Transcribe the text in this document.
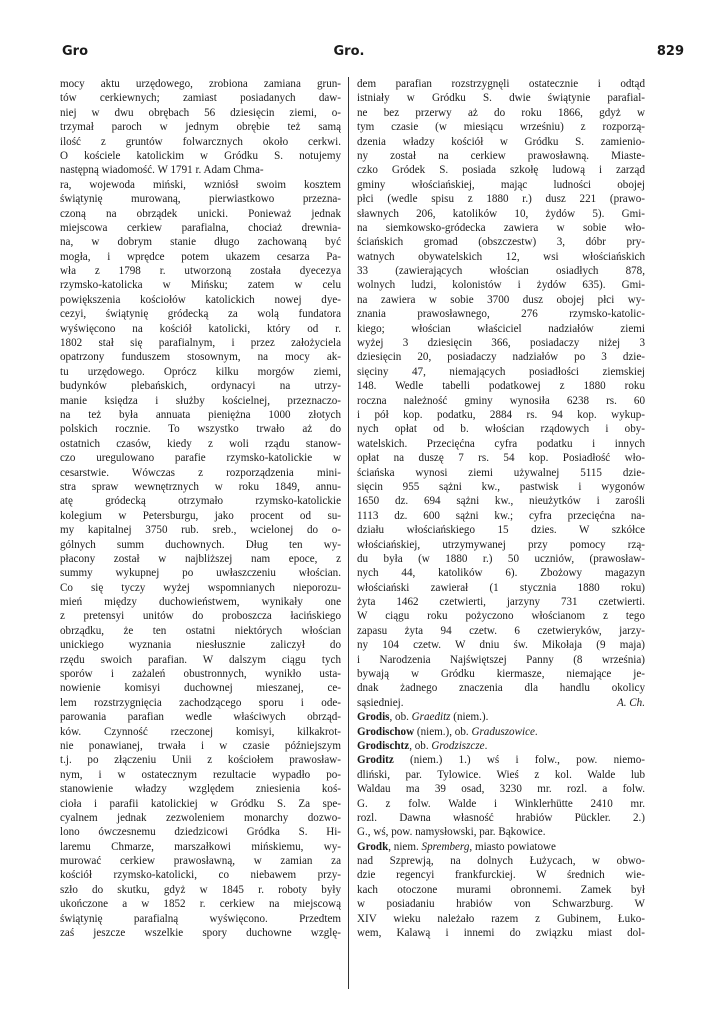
Gro	Gro.	829
mocy aktu urzędowego, zrobiona zamiana grun-
tów cerkiewnych; zamiast posiadanych daw-
niej w dwu obrębach 56 dziesięcin ziemi, o-
trzymał paroch w jednym obrębie też samą
ilość z gruntów folwarcznych około cerkwi.
O kościele katolickim w Gródku S. notujemy
następną wiadomość. W 1791 r. Adam Chma-
ra, wojewoda miński, wzniósł swoim kosztem
świątynię murowaną, pierwiastkowo przezna-
czoną na obrządek unicki. Ponieważ jednak
miejscowa cerkiew parafialna, chociaż drewnia-
na, w dobrym stanie długo zachowaną być
mogła, i wprędce potem ukazem cesarza Pa-
wła z 1798 r. utworzoną została dyecezya
rzymsko-katolicka w Mińsku; zatem w celu
powiększenia kościołów katolickich nowej dye-
cezyi, świątynię gródecką za wolą fundatora
wyświęcono na kościół katolicki, który od r.
1802 stał się parafialnym, i przez założyciela
opatrzony funduszem stosownym, na mocy ak-
tu urzędowego. Oprócz kilku morgów ziemi,
budynków plebańskich, ordynacyi na utrzy-
manie księdza i służby kościelnej, przeznaczo-
na też była annuata pieniężna 1000 złotych
polskich rocznie. To wszystko trwało aż do
ostatnich czasów, kiedy z woli rządu stanow-
czo uregulowano parafie rzymsko-katolickie w
cesarstwie. Wówczas z rozporządzenia mini-
stra spraw wewnętrznych w roku 1849, annu-
atę gródecką otrzymało rzymsko-katolickie
kolegium w Petersburgu, jako procent od su-
my kapitalnej 3750 rub. sreb., wcielonej do o-
gólnych summ duchownych. Dług ten wy-
płacony został w najbliższej nam epoce, z
summy wykupnej po uwłaszczeniu włościan.
Co się tyczy wyżej wspomnianych nieporozu-
mień między duchowieństwem, wynikały one
z pretensyi unitów do proboszcza łacińskiego
obrządku, że ten ostatni niektórych włościan
unickiego wyznania niesłusznie zaliczył do
rzędu swoich parafian. W dalszym ciągu tych
sporów i zażaleń obustronnych, wynikło usta-
nowienie komisyi duchownej mieszanej, ce-
lem rozstrzygnięcia zachodzącego sporu i ode-
parowania parafian wedle właściwych obrząd-
ków. Czynność rzeczonej komisyi, kilkakrot-
nie ponawianej, trwała i w czasie późniejszym
t.j. po złączeniu Unii z kościołem prawosław-
nym, i w ostatecznym rezultacie wypadło po-
stanowienie władzy względem zniesienia koś-
cioła i parafii katolickiej w Gródku S. Za spe-
cyalnem jednak zezwoleniem monarchy dozwo-
lono ówczesnemu dziedzicowi Gródka S. Hi-
laremu Chmarze, marszałkowi mińskiemu, wy-
murować cerkiew prawosławną, w zamian za
kościół rzymsko-katolicki, co niebawem przy-
szło do skutku, gdyż w 1845 r. roboty były
ukończone a w 1852 r. cerkiew na miejscową
świątynię parafialną wyświęcono. Przedtem
zaś jeszcze wszelkie spory duchowne wzglę-
dem parafian rozstrzygnęli ostatecznie i odtąd
istniały w Gródku S. dwie świątynie parafial-
ne bez przerwy aż do roku 1866, gdyż w
tym czasie (w miesiącu wrześniu) z rozporzą-
dzenia władzy kościół w Gródku S. zamienio-
ny został na cerkiew prawosławną. Miaste-
czko Gródek S. posiada szkołę ludową i zarząd
gminy włościańskiej, mając ludności obojej
płci (wedle spisu z 1880 r.) dusz 221 (prawo-
sławnych 206, katolików 10, żydów 5). Gmi-
na siemkowsko-gródecka zawiera w sobie wło-
ściańskich gromad (obszczestw) 3, dóbr pry-
watnych obywatelskich 12, wsi włościańskich
33 (zawierających włościan osiadłych 878,
wolnych ludzi, kolonistów i żydów 635). Gmi-
na zawiera w sobie 3700 dusz obojej płci wy-
znania prawosławnego, 276 rzymsko-katolic-
kiego; włościan właściciel nadziałów ziemi
wyżej 3 dziesięcin 366, posiadaczy niżej 3
dziesięcin 20, posiadaczy nadziałów po 3 dzie-
sięciny 47, niemających posiadłości ziemskiej
148. Wedle tabelli podatkowej z 1880 roku
roczna należność gminy wynosiła 6238 rs. 60
i pół kop. podatku, 2884 rs. 94 kop. wykup-
nych opłat od b. włościan rządowych i oby-
watelskich. Przecięćna cyfra podatku i innych
opłat na duszę 7 rs. 54 kop. Posiadłość wło-
ściańska wynosi ziemi używalnej 5115 dzie-
sięcin 955 sążni kw., pastwisk i wygonów
1650 dz. 694 sążni kw., nieużytków i zarośli
1113 dz. 600 sążni kw.; cyfra przecięćna na-
działu włościańskiego 15 dzies. W szkółce
włościańskiej, utrzymywanej przy pomocy rzą-
du była (w 1880 r.) 50 uczniów, (prawosław-
nych 44, katolików 6). Zbożowy magazyn
włościański zawierał (1 stycznia 1880 roku)
żyta 1462 czetwierti, jarzyny 731 czetwierti.
W ciągu roku pożyczono włościanom z tego
zapasu żyta 94 czetw. 6 czetwieryków, jarzy-
ny 104 czetw. W dniu św. Mikołaja (9 maja)
i Narodzenia Najświętszej Panny (8 września)
bywają w Gródku kiermasze, niemające je-
dnak żadnego znaczenia dla handlu okolicy
sąsiedniej.	A. Ch.
Grodis, ob. Graeditz (niem.).
Grodischow (niem.), ob. Graduszowice.
Grodischtz, ob. Grodziszcze.
Groditz (niem.) 1.) wś i folw., pow. niemo-
dliński, par. Tylowice. Wieś z kol. Walde lub
Waldau ma 39 osad, 3230 mr. rozl. a folw.
G. z folw. Walde i Winklerhütte 2410 mr.
rozl. Dawna własność hrabiów Pückler. 2.)
G., wś, pow. namysłowski, par. Bąkowice.
Grodk, niem. Spremberg, miasto powiatowe
nad Szprewją, na dolnych Łużycach, w obwo-
dzie regencyi frankfurckiej. W średnich wie-
kach otoczone murami obronnemi. Zamek był
w posiadaniu hrabiów von Schwarzburg. W
XIV wieku należało razem z Gubinem, Łuko-
wem, Kalawą i innemi do związku miast dol-
